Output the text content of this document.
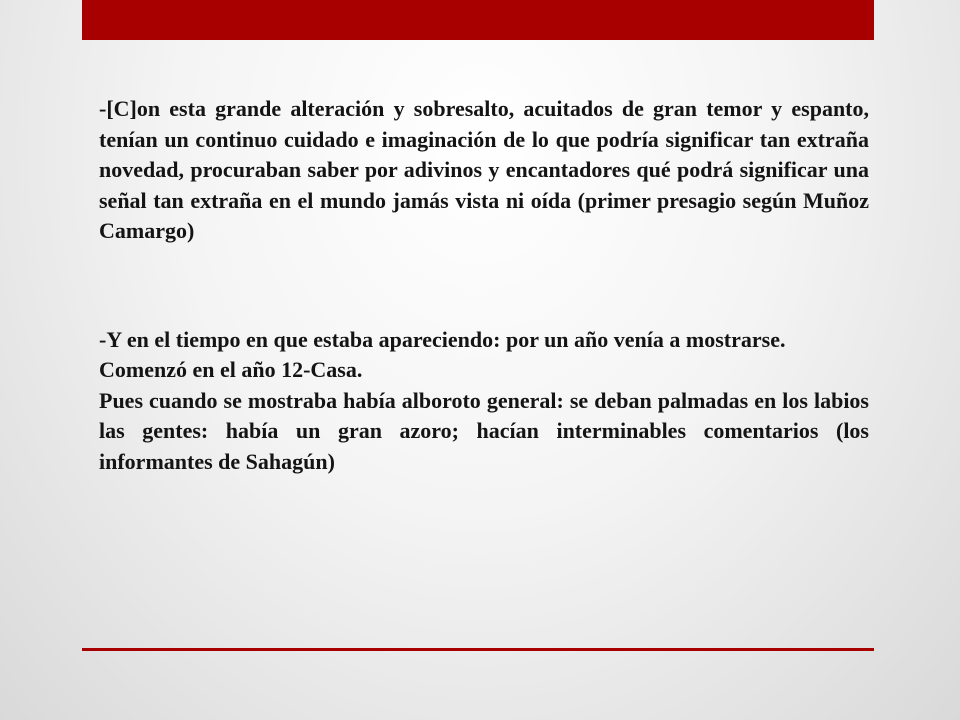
-[C]on esta grande alteración y sobresalto, acuitados de gran temor y espanto, tenían un continuo cuidado e imaginación de lo que podría significar tan extraña novedad, procuraban saber por adivinos y encantadores qué podrá significar una señal tan extraña en el mundo jamás vista ni oída (primer presagio según Muñoz Camargo)

-Y en el tiempo en que estaba apareciendo: por un año venía a mostrarse.

Comenzó en el año 12-Casa.

Pues cuando se mostraba había alboroto general: se deban palmadas en los labios las gentes: había un gran azoro; hacían interminables comentarios (los informantes de Sahagún)
